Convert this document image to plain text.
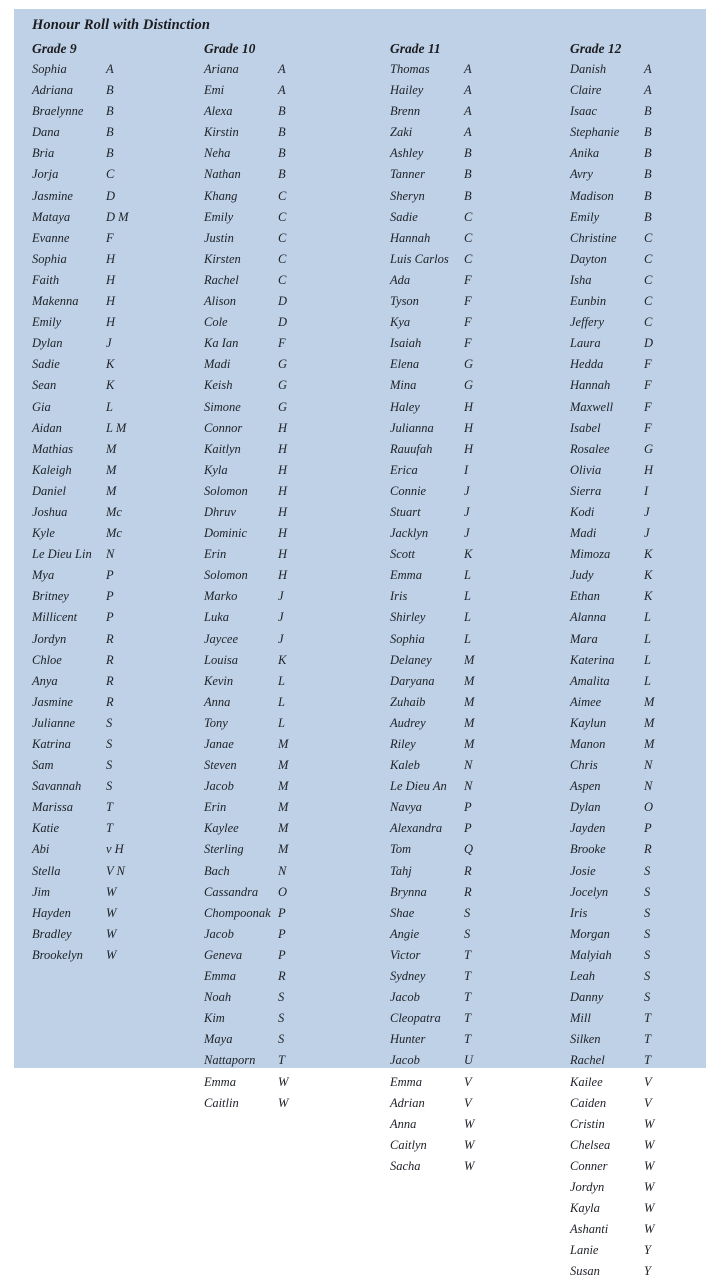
Honour Roll with Distinction
Grade 9
Sophia	A
Adriana	B
Braelynne B
Dana	B
Bria	B
Jorja	C
Jasmine	D
Mataya	D M
Evanne	F
Sophia	H
Faith	H
Makenna H
Emily	H
Dylan	J
Sadie	K
Sean	K
Gia	L
Aidan	L M
Mathias	M
Kaleigh	M
Daniel	M
Joshua	Mc
Kyle	Mc
Le Dieu Lin N
Mya	P
Britney	P
Millicent P
Jordyn	R
Chloe	R
Anya	R
Jasmine	R
Julianne S
Katrina	S
Sam	S
Savannah S
Marissa	T
Katie	T
Abi	v H
Stella	V N
Jim	W
Hayden	W
Bradley	W
Brookelyn W
Grade 10
Ariana	A
Emi	A
Alexa	B
Kirstin	B
Neha	B
Nathan	B
Khang	C
Emily	C
Justin	C
Kirsten	C
Rachel	C
Alison	D
Cole	D
Ka Ian	F
Madi	G
Keish	G
Simone	G
Connor	H
Kaitlyn	H
Kyla	H
Solomon H
Dhruv	H
Dominic H
Erin	H
Solomon H
Marko	J
Luka	J
Jaycee	J
Louisa	K
Kevin	L
Anna	L
Tony	L
Janae	M
Steven	M
Jacob	M
Erin	M
Kaylee	M
Sterling	M
Bach	N
Cassandra O
Chompoonak P
Jacob	P
Geneva	P
Emma	R
Noah	S
Kim	S
Maya	S
Nattaporn T
Emma	W
Caitlin	W
Grade 11
Thomas	A
Hailey	A
Brenn	A
Zaki	A
Ashley	B
Tanner	B
Sheryn	B
Sadie	C
Hannah	C
Luis Carlos C
Ada	F
Tyson	F
Kya	F
Isaiah	F
Elena	G
Mina	G
Haley	H
Julianna H
Rauufah	H
Erica	I
Connie	J
Stuart	J
Jacklyn	J
Scott	K
Emma	L
Iris	L
Shirley	L
Sophia	L
Delaney	M
Daryana M
Zuhaib	M
Audrey	M
Riley	M
Kaleb	N
Le Dieu An N
Navya	P
Alexandra P
Tom	Q
Tahj	R
Brynna	R
Shae	S
Angie	S
Victor	T
Sydney	T
Jacob	T
Cleopatra T
Hunter	T
Jacob	U
Emma	V
Adrian	V
Anna	W
Caitlyn	W
Sacha	W
Grade 12
Danish	A
Claire	A
Isaac	B
Stephanie B
Anika	B
Avry	B
Madison B
Emily	B
Christine C
Dayton	C
Isha	C
Eunbin	C
Jeffery	C
Laura	D
Hedda	F
Hannah	F
Maxwell F
Isabel	F
Rosalee	G
Olivia	H
Sierra	I
Kodi	J
Madi	J
Mimoza	K
Judy	K
Ethan	K
Alanna	L
Mara	L
Katerina L
Amalita	L
Aimee	M
Kaylun	M
Manon	M
Chris	N
Aspen	N
Dylan	O
Jayden	P
Brooke	R
Josie	S
Jocelyn	S
Iris	S
Morgan	S
Malyiah	S
Leah	S
Danny	S
Mill	T
Silken	T
Rachel	T
Kailee	V
Caiden	V
Cristin	W
Chelsea	W
Conner	W
Jordyn	W
Kayla	W
Ashanti	W
Lanie	Y
Susan	Y
